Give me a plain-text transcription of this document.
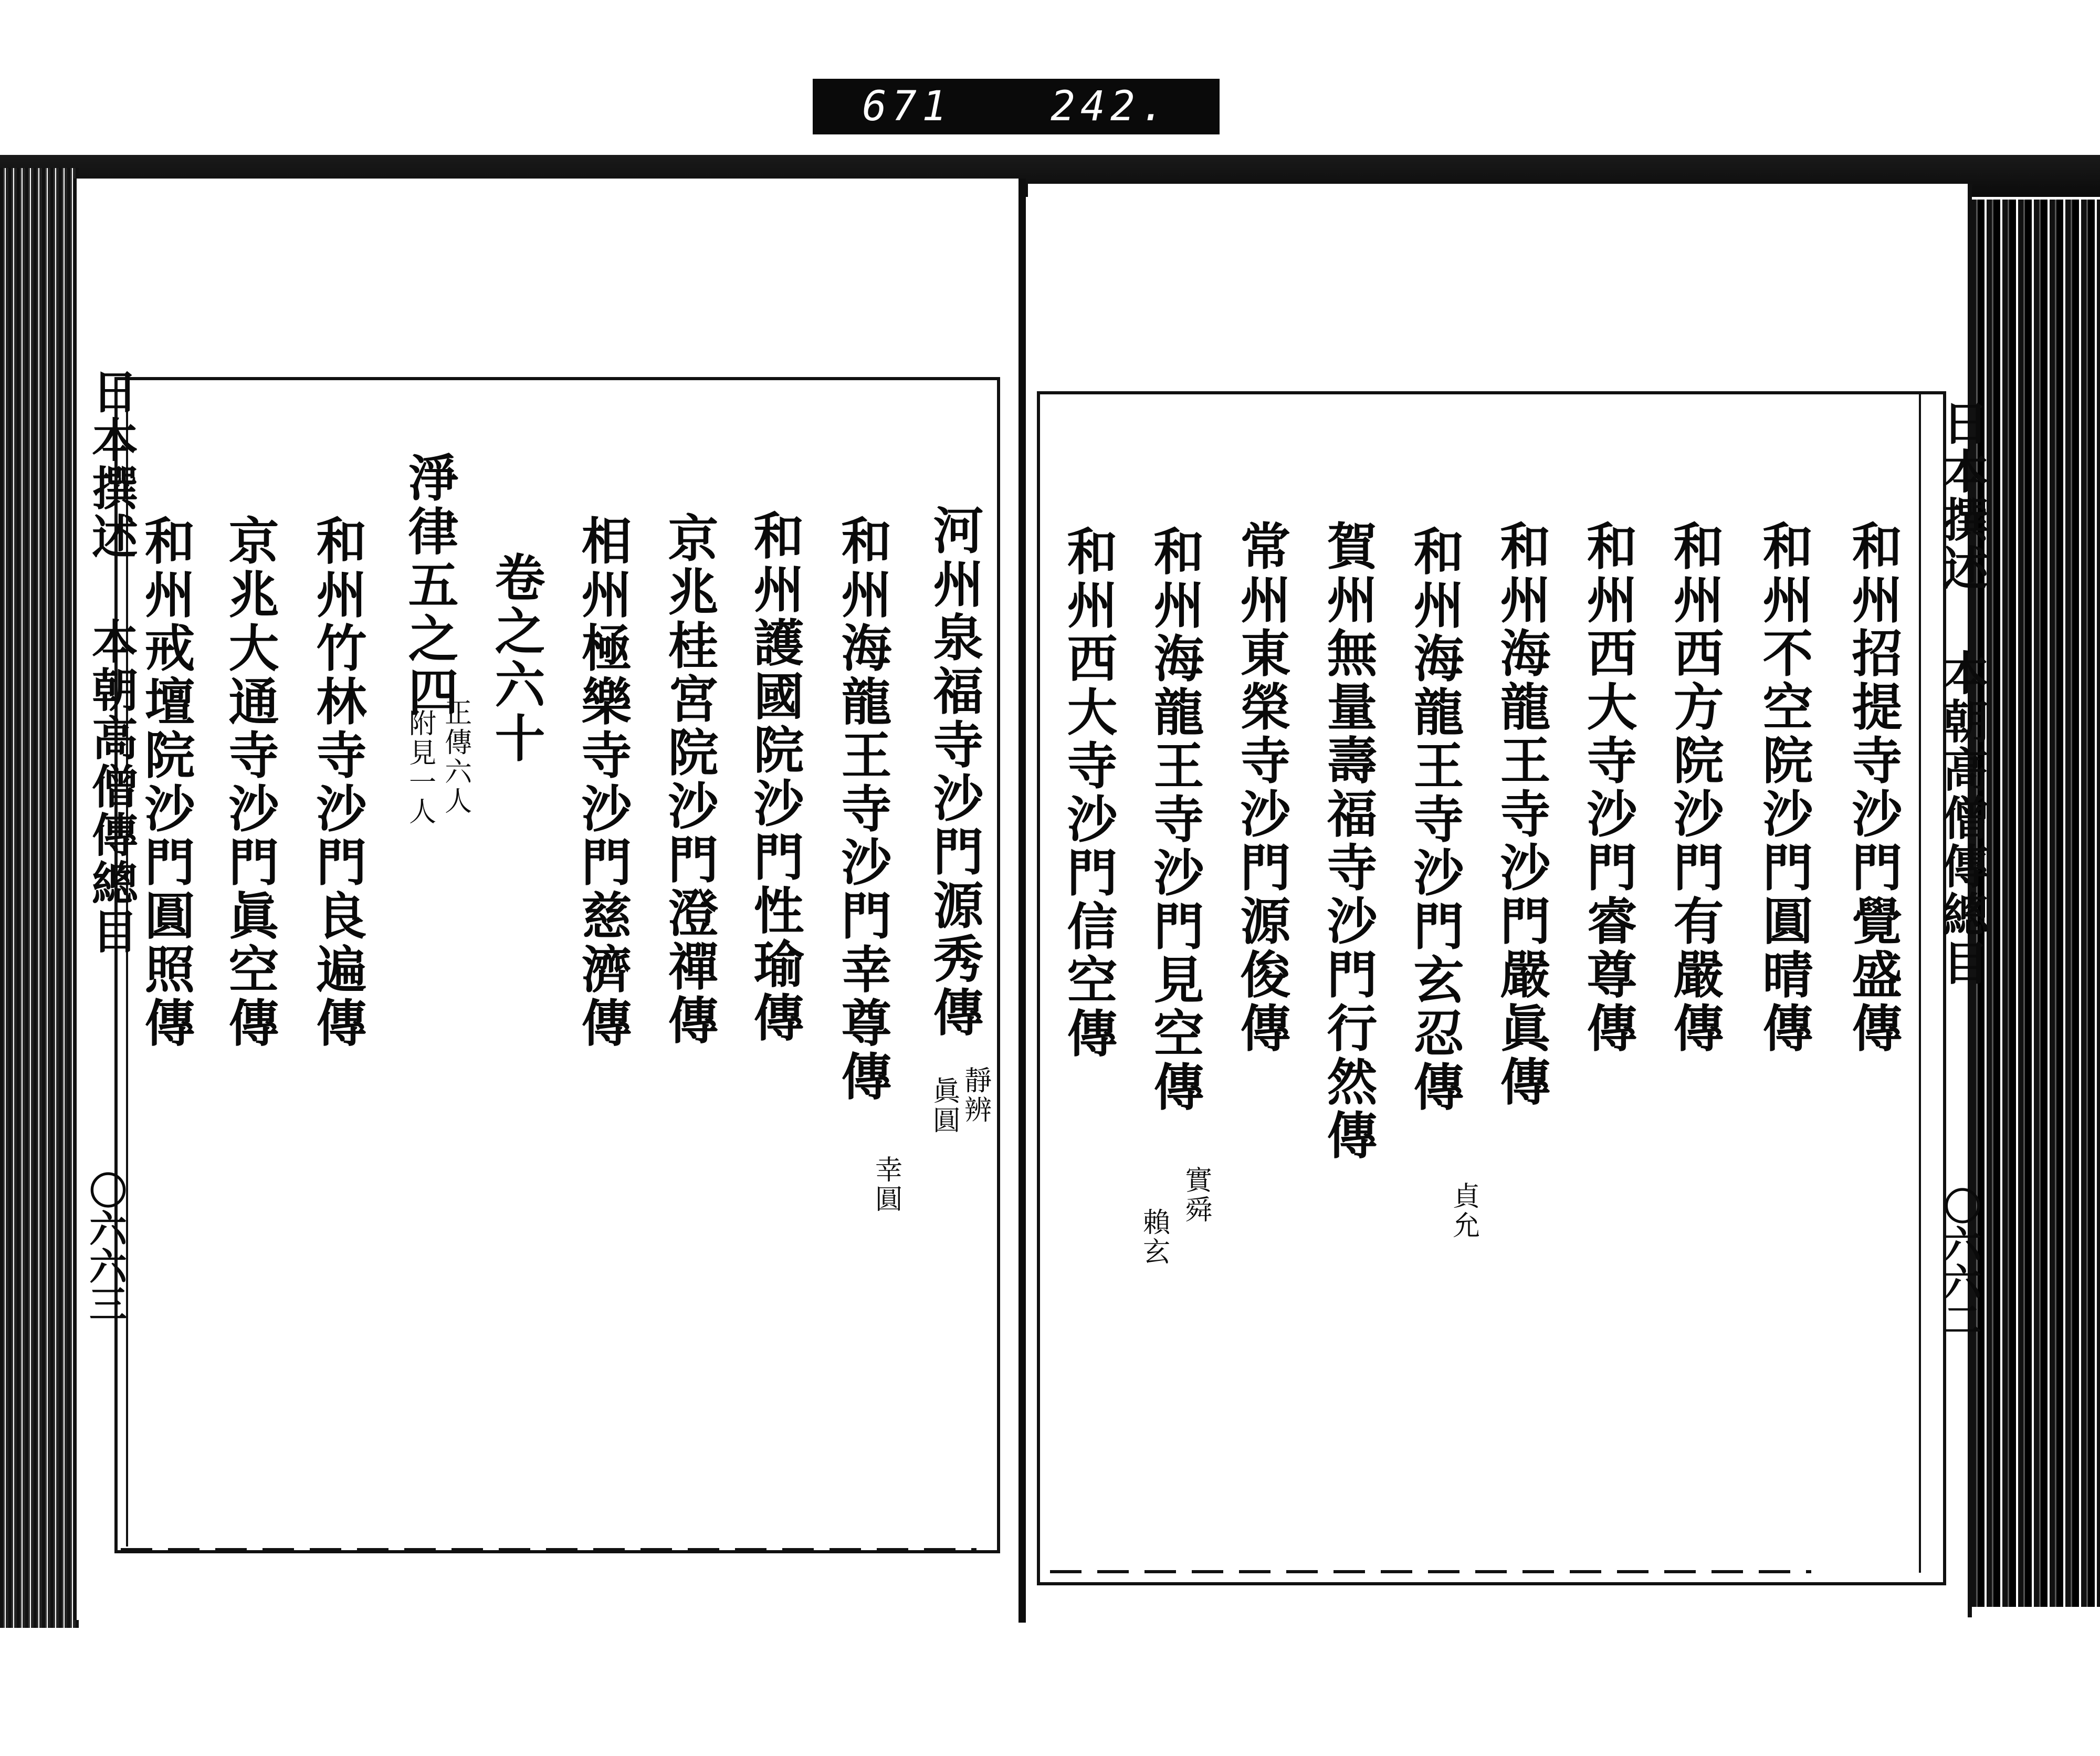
671 242.
日本撰述 本朝高僧傳總目
〇六六三
河州泉福寺沙門源秀傳
靜辨
眞圓
和州海龍王寺沙門幸尊傳
幸圓
和州護國院沙門性瑜傳
京兆桂宮院沙門澄禪傳
相州極樂寺沙門慈濟傳
卷之六十
淨律五之四
正傳六人
附見一人
和州竹林寺沙門良遍傳
京兆大通寺沙門眞空傳
和州戒壇院沙門圓照傳	日本撰述 本朝高僧傳總目
〇六六二
和州招提寺沙門覺盛傳
和州不空院沙門圓晴傳
和州西方院沙門有嚴傳
和州西大寺沙門睿尊傳
和州海龍王寺沙門嚴眞傳
和州海龍王寺沙門玄忍傳
貞允
賀州無量壽福寺沙門行然傳
常州東榮寺沙門源俊傳
和州海龍王寺沙門見空傳
實舜
賴玄
和州西大寺沙門信空傳
